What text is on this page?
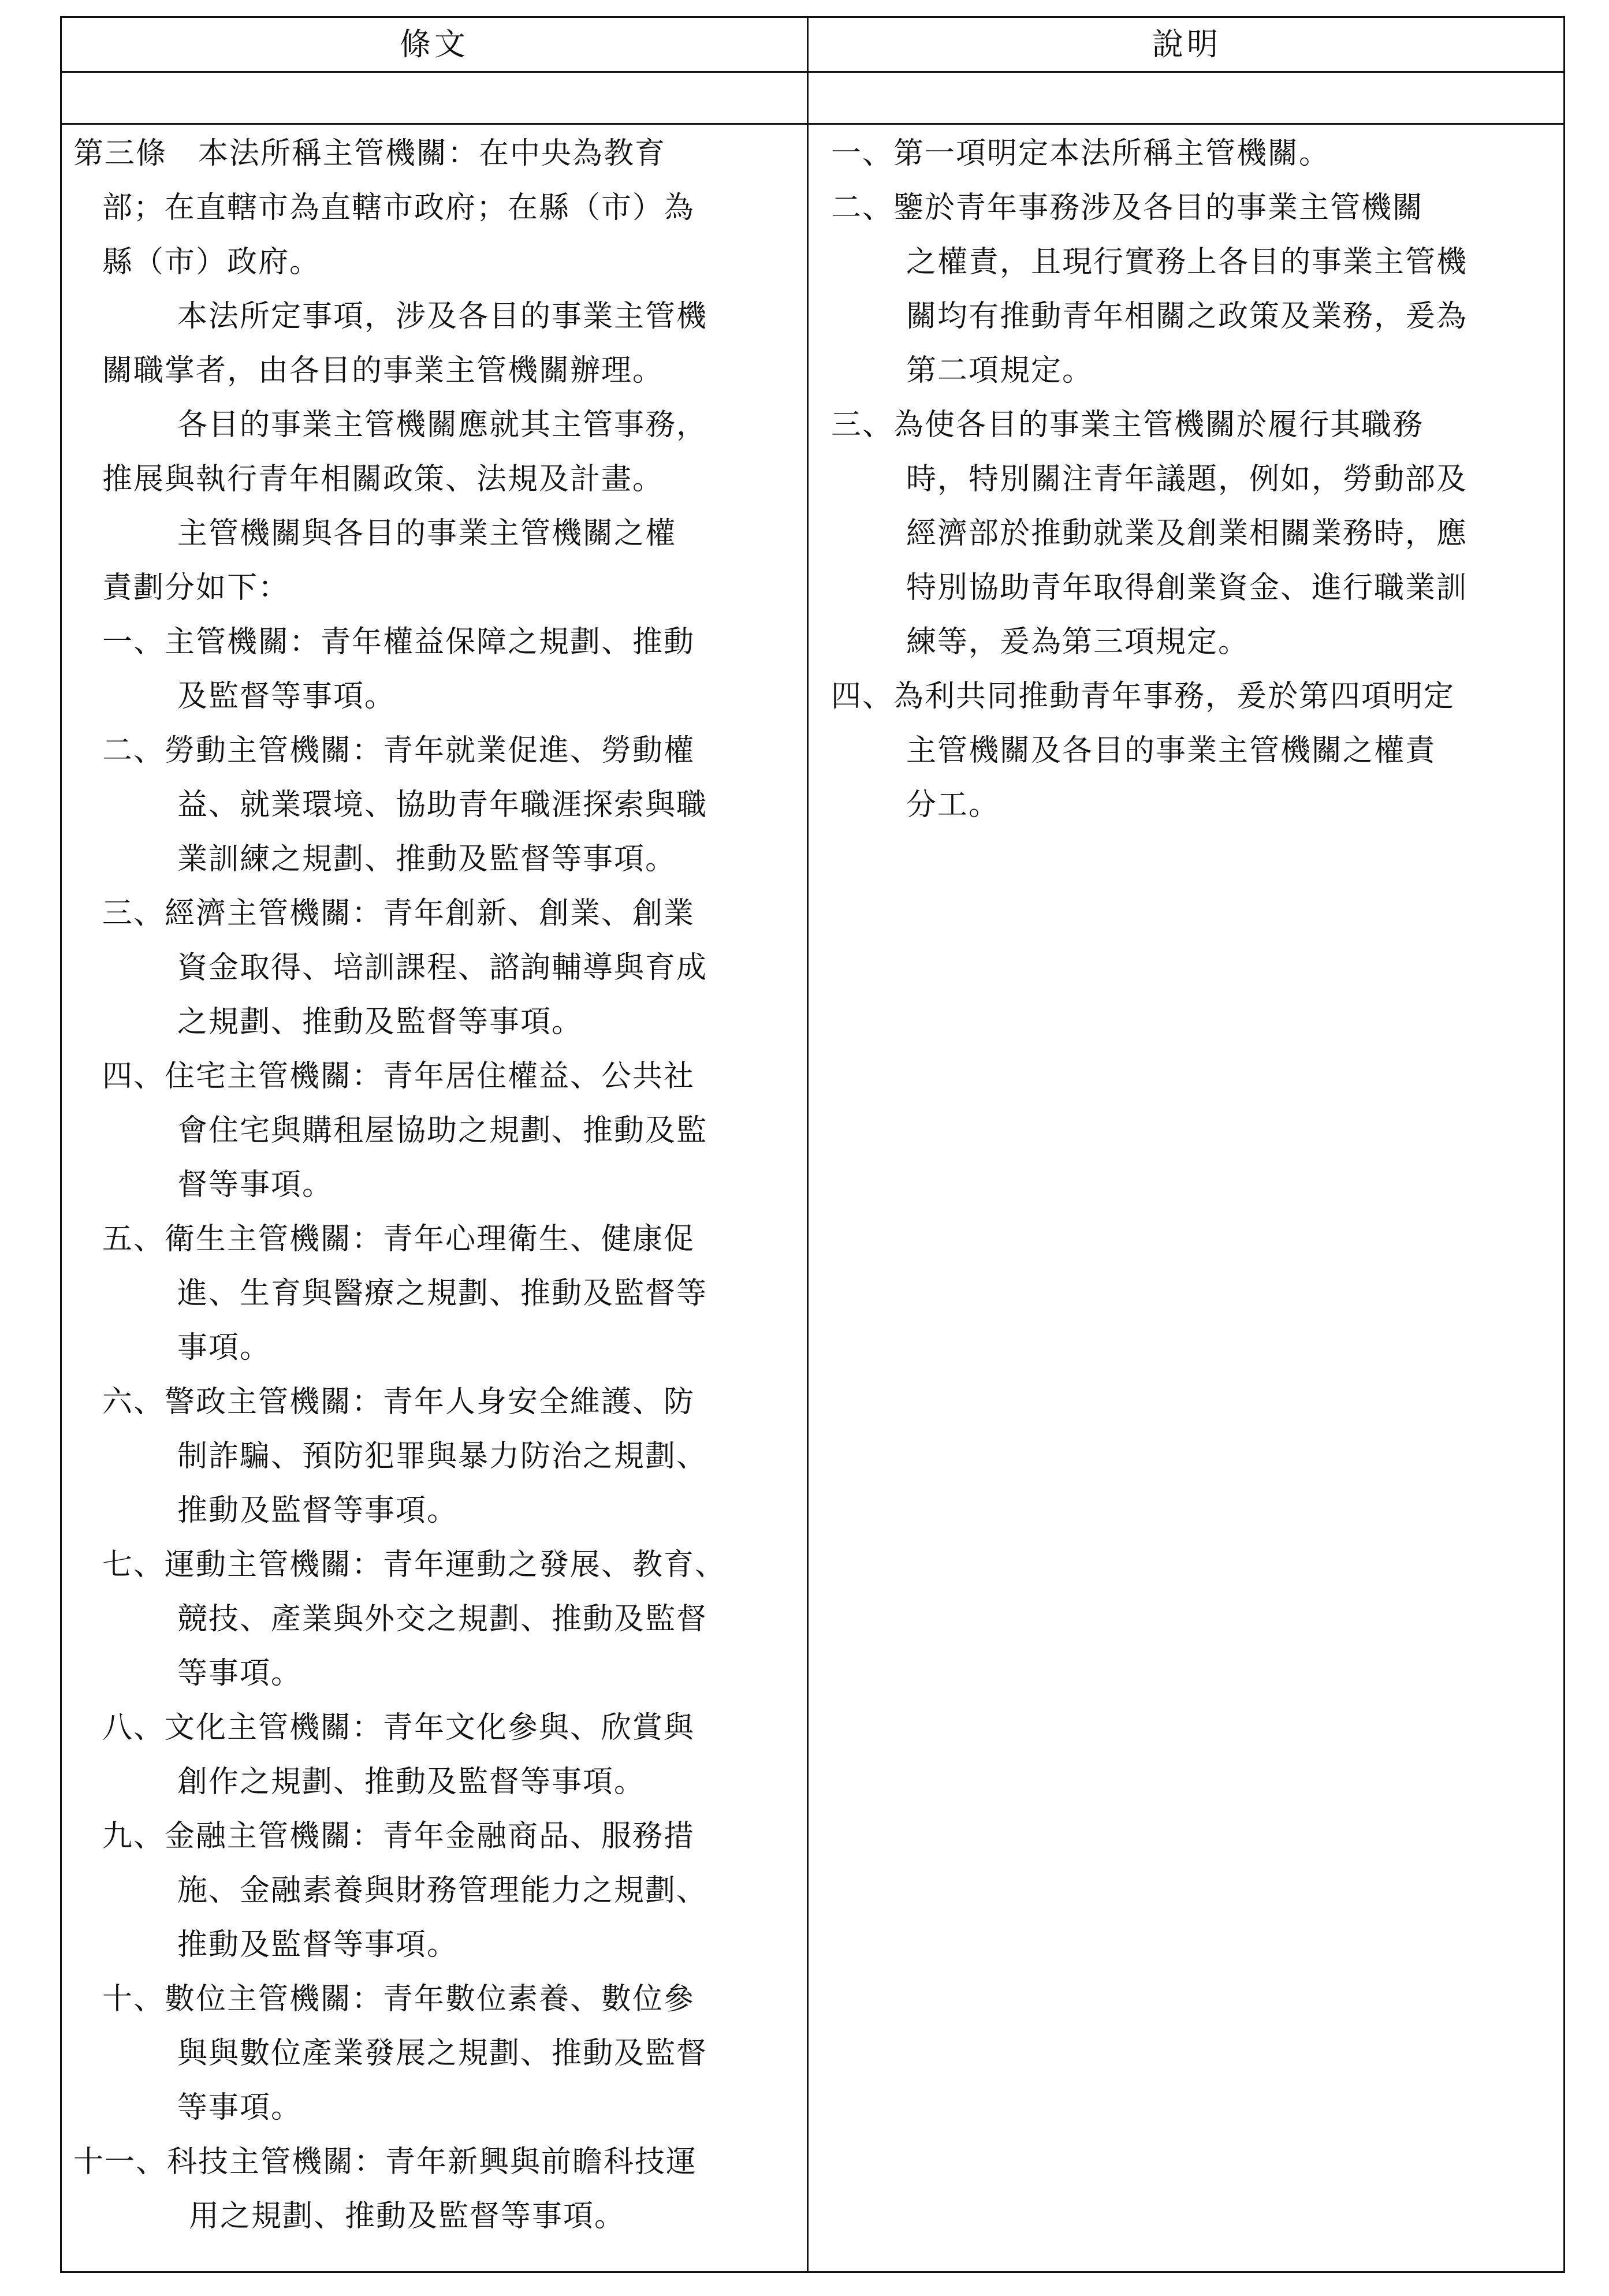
條文	說明

第三條　本法所稱主管機關：在中央為教育

部；在直轄市為直轄市政府；在縣（市）為

縣（市）政府。

本法所定事項，涉及各目的事業主管機

關職掌者，由各目的事業主管機關辦理。

各目的事業主管機關應就其主管事務，

推展與執行青年相關政策、法規及計畫。

主管機關與各目的事業主管機關之權

責劃分如下：

一、主管機關：青年權益保障之規劃、推動

及監督等事項。

二、勞動主管機關：青年就業促進、勞動權

益、就業環境、協助青年職涯探索與職

業訓練之規劃、推動及監督等事項。

三、經濟主管機關：青年創新、創業、創業

資金取得、培訓課程、諮詢輔導與育成

之規劃、推動及監督等事項。

四、住宅主管機關：青年居住權益、公共社

會住宅與購租屋協助之規劃、推動及監

督等事項。

五、衛生主管機關：青年心理衛生、健康促

進、生育與醫療之規劃、推動及監督等

事項。

六、警政主管機關：青年人身安全維護、防

制詐騙、預防犯罪與暴力防治之規劃、

推動及監督等事項。

七、運動主管機關：青年運動之發展、教育、

競技、產業與外交之規劃、推動及監督

等事項。

八、文化主管機關：青年文化參與、欣賞與

創作之規劃、推動及監督等事項。

九、金融主管機關：青年金融商品、服務措

施、金融素養與財務管理能力之規劃、

推動及監督等事項。

十、數位主管機關：青年數位素養、數位參

與與數位產業發展之規劃、推動及監督

等事項。

十一、科技主管機關：青年新興與前瞻科技運

用之規劃、推動及監督等事項。

一、第一項明定本法所稱主管機關。

二、鑒於青年事務涉及各目的事業主管機關

之權責，且現行實務上各目的事業主管機

關均有推動青年相關之政策及業務，爰為

第二項規定。

三、為使各目的事業主管機關於履行其職務

時，特別關注青年議題，例如，勞動部及

經濟部於推動就業及創業相關業務時，應

特別協助青年取得創業資金、進行職業訓

練等，爰為第三項規定。

四、為利共同推動青年事務，爰於第四項明定

主管機關及各目的事業主管機關之權責

分工。
